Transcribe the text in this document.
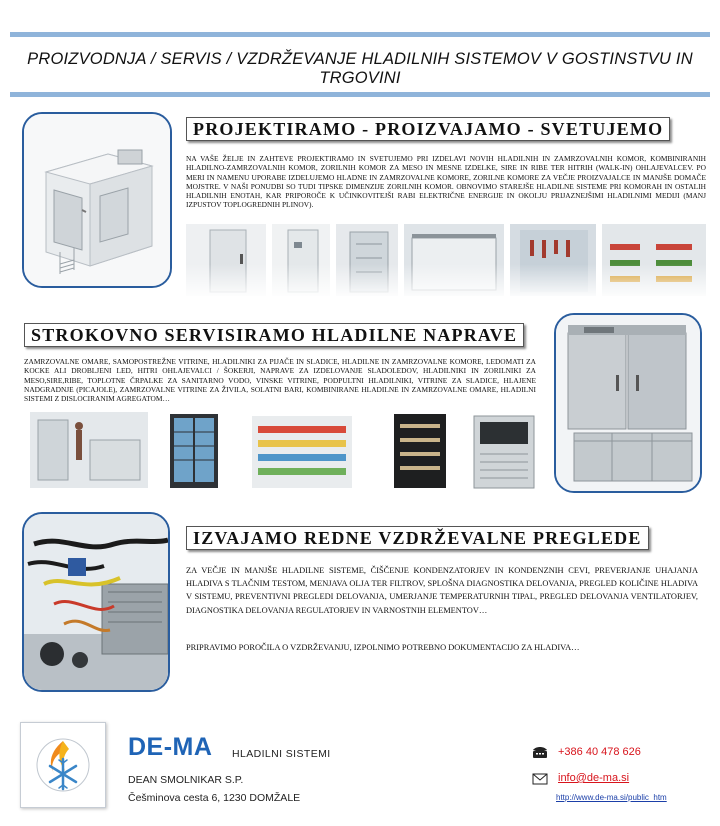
PROIZVODNJA / SERVIS / VZDRŽEVANJE HLADILNIH SISTEMOV V GOSTINSTVU IN TRGOVINI
PROJEKTIRAMO - PROIZVAJAMO - SVETUJEMO
NA VAŠE ŽELJE IN ZAHTEVE PROJEKTIRAMO IN SVETUJEMO PRI IZDELAVI NOVIH HLADILNIH IN ZAMRZOVALNIH KOMOR, KOMBINIRANIH HLADILNO-ZAMRZOVALNIH KOMOR, ZORILNIH KOMOR ZA MESO IN MESNE IZDELKE, SIRE IN RIBE TER HITRIH (WALK-IN) OHLAJEVALCEV. PO MERI IN NAMENU UPORABE IZDELUJEMO HLADNE IN ZAMRZOVALNE KOMORE, ZORILNE KOMORE ZA VEČJE PROIZVAJALCE IN MANJŠE DOMAČE MOJSTRE. V NAŠI PONUDBI SO TUDI TIPSKE DIMENZIJE ZORILNIH KOMOR. OBNOVIMO STAREJŠE HLADILNE SISTEME PRI KOMORAH IN OSTALIH HLADILNIH ENOTAH, KAR PRIPOROČE K UČINKOVITEJŠI RABI ELEKTRIČNE ENERGIJE IN OKOLJU PRIJAZNEJŠIMI HLADILNIMI MEDIJI (MANJ IZPUSTOV TOPLOGREDNIH PLINOV).
STROKOVNO SERVISIRAMO HLADILNE NAPRAVE
ZAMRZOVALNE OMARE, SAMOPOSTREŽNE VITRINE, HLADILNIKI ZA PIJAČE IN SLADICE, HLADILNE IN ZAMRZOVALNE KOMORE, LEDOMATI ZA KOCKE ALI DROBLJENI LED, HITRI OHLAJEVALCI / ŠOKERJI, NAPRAVE ZA IZDELOVANJE SLADOLEDOV, HLADILNIKI IN ZORILNIKI ZA MESO,SIRE,RIBE, TOPLOTNE ČRPALKE ZA SANITARNO VODO, VINSKE VITRINE, PODPULTNI HLADILNIKI, VITRINE ZA SLADICE, HLAJENE NADGRADNJE (PICAJOLE), ZAMRZOVALNE VITRINE ZA ŽIVILA, SOLATNI BARI, KOMBINIRANE HLADILNE IN ZAMRZOVALNE OMARE, HLADILNI SISTEMI Z DISLOCIRANIM AGREGATOM…
IZVAJAMO REDNE VZDRŽEVALNE PREGLEDE
ZA VEČJE IN MANJŠE HLADILNE SISTEME, ČIŠČENJE KONDENZATORJEV IN KONDENZNIH CEVI, PREVERJANJE UHAJANJA HLADIVA S TLAČNIM TESTOM, MENJAVA OLJA TER FILTROV, SPLOŠNA DIAGNOSTIKA DELOVANJA, PREGLED KOLIČINE HLADIVA V SISTEMU, PREVENTIVNI PREGLEDI DELOVANJA, UMERJANJE TEMPERATURNIH TIPAL, PREGLED DELOVANJA VENTILATORJEV, DIAGNOSTIKA DELOVANJA REGULATORJEV IN VARNOSTNIH ELEMENTOV…
PRIPRAVIMO POROČILA O VZDRŽEVANJU, IZPOLNIMO POTREBNO DOKUMENTACIJO ZA HLADIVA…
DE-MA HLADILNI SISTEMI
DEAN SMOLNIKAR S.P.
Češminova cesta 6, 1230 DOMŽALE
+386 40 478 626
info@de-ma.si
http://www.de-ma.si/public_htm
